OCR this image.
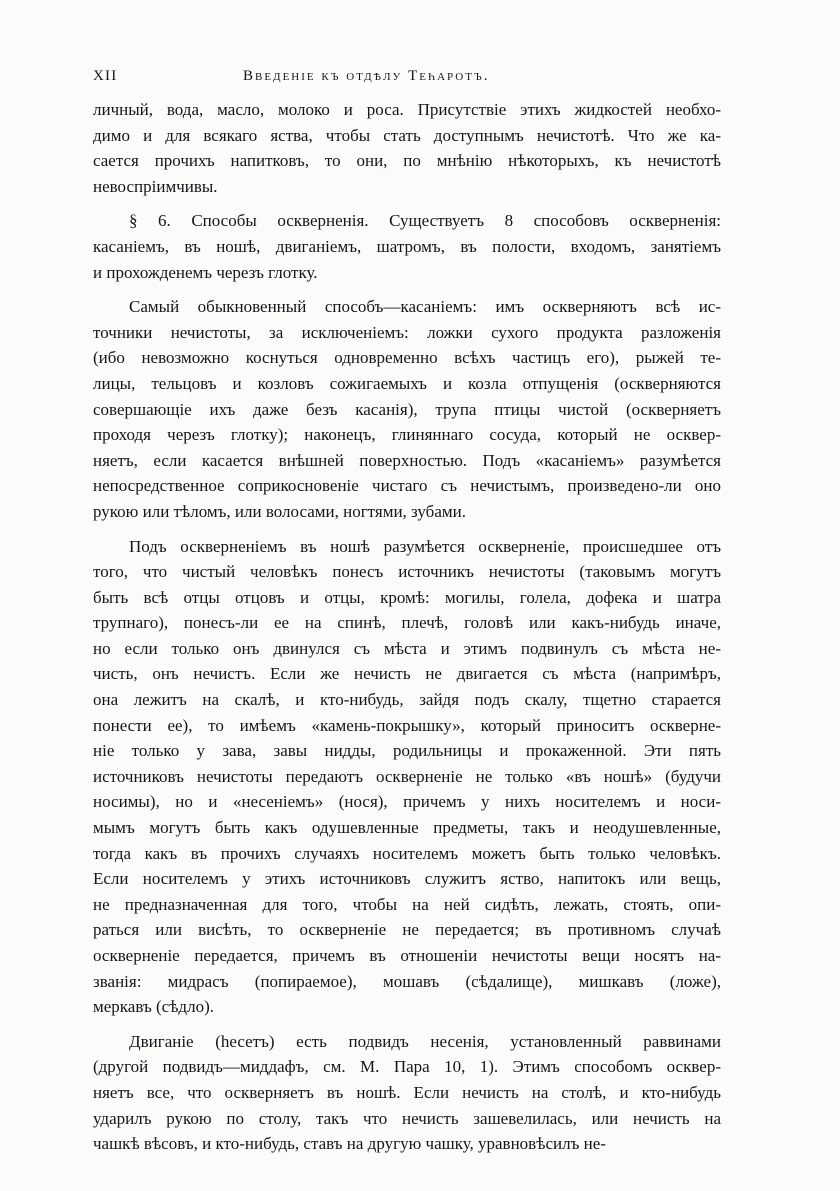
XII	Введеніе къ отдѣлу Теһаротъ.
личный, вода, масло, молоко и роса. Присутствіе этихъ жидкостей необхо-
димо и для всякаго яства, чтобы стать доступнымъ нечистотѣ. Что же ка-
сается прочихъ напитковъ, то они, по мнѣнію нѣкоторыхъ, къ нечистотѣ
невоспріимчивы.
§ 6. Способы оскверненія. Существуетъ 8 способовъ оскверненія:
касаніемъ, въ ношѣ, двиганіемъ, шатромъ, въ полости, входомъ, занятіемъ
и прохожденемъ черезъ глотку.
Самый обыкновенный способъ—касаніемъ: имъ оскверняютъ всѣ ис-
точники нечистоты, за исключеніемъ: ложки сухого продукта разложенія
(ибо невозможно коснуться одновременно всѣхъ частицъ его), рыжей те-
лицы, тельцовъ и козловъ сожигаемыхъ и козла отпущенія (оскверняются
совершающіе ихъ даже безъ касанія), трупа птицы чистой (оскверняетъ
проходя черезъ глотку); наконецъ, глиняннаго сосуда, который не осквер-
няетъ, если касается внѣшней поверхностью. Подъ «касаніемъ» разумѣется
непосредственное соприкосновеніе чистаго съ нечистымъ, произведено-ли оно
рукою или тѣломъ, или волосами, ногтями, зубами.
Подъ оскверненіемъ въ ношѣ разумѣется оскверненіе, происшедшее отъ
того, что чистый человѣкъ понесъ источникъ нечистоты (таковымъ могутъ
быть всѣ отцы отцовъ и отцы, кромѣ: могилы, голела, дофека и шатра
трупнаго), понесъ-ли ее на спинѣ, плечѣ, головѣ или какъ-нибудь иначе,
но если только онъ двинулся съ мѣста и этимъ подвинулъ съ мѣста не-
чисть, онъ нечистъ. Если же нечисть не двигается съ мѣста (напримѣръ,
она лежитъ на скалѣ, и кто-нибудь, зайдя подъ скалу, тщетно старается
понести ее), то имѣемъ «камень-покрышку», который приноситъ осквернe-
ніе только у зава, завы нидды, родильницы и прокаженной. Эти пять
источниковъ нечистоты передаютъ оскверненіе не только «въ ношѣ» (будучи
носимы), но и «несеніемъ» (нося), причемъ у нихъ носителемъ и носи-
мымъ могутъ быть какъ одушевленные предметы, такъ и неодушевленные,
тогда какъ въ прочихъ случаяхъ носителемъ можетъ быть только человѣкъ.
Если носителемъ у этихъ источниковъ служитъ яство, напитокъ или вещь,
не предназначенная для того, чтобы на ней сидѣть, лежать, стоять, опи-
раться или висѣть, то оскверненіе не передается; въ противномъ случаѣ
оскверненіе передается, причемъ въ отношеніи нечистоты вещи носятъ на-
званія: мидрасъ (попираемое), мошавъ (сѣдалище), мишкавъ (ложе),
меркавъ (сѣдло).
Двиганіе (һесетъ) есть подвидъ несенія, установленный раввинами
(другой подвидъ—миддафъ, см. М. Пара 10, 1). Этимъ способомъ осквер-
няетъ все, что оскверняетъ въ ношѣ. Если нечисть на столѣ, и кто-нибудь
ударилъ рукою по столу, такъ что нечисть зашевелилась, или нечисть на
чашкѣ вѣсовъ, и кто-нибудь, ставъ на другую чашку, уравновѣсилъ не-
